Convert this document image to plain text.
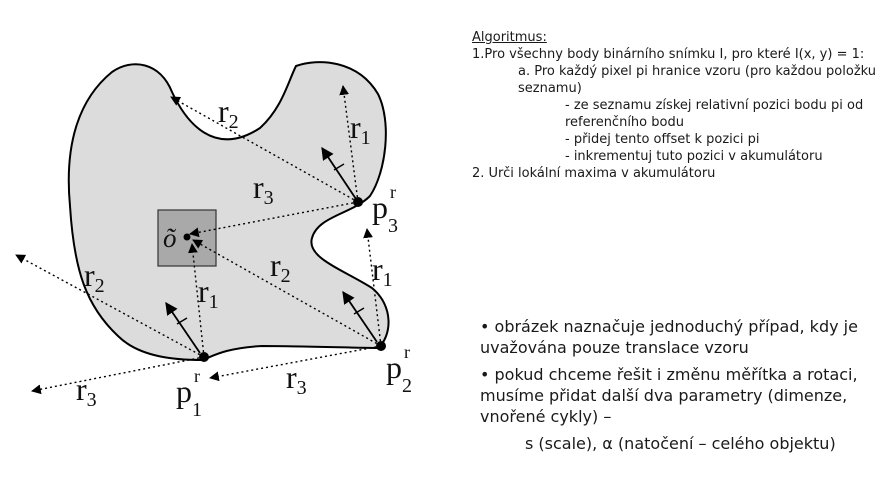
õ
r2	r1
r3
r2	r1
r2	r1
r3
r3
p $^r$ 3
p $^r$ 1
p $^r$ 2
Algoritmus:
1.Pro všechny body binárního snímku I, pro které I(x, y) = 1:
a. Pro každý pixel pi hranice vzoru (pro každou položku seznamu)
- ze seznamu získej relativní pozici bodu pi od referenčního bodu
- přidej tento offset k pozici pi
- inkrementuj tuto pozici v akumulátoru
2. Urči lokální maxima v akumulátoru
• obrázek naznačuje jednoduchý případ, kdy je uvažována pouze translace vzoru
• pokud chceme řešit i změnu měřítka a rotaci, musíme přidat další dva parametry (dimenze, vnořené cykly) –
s (scale), α (natočení – celého objektu)
